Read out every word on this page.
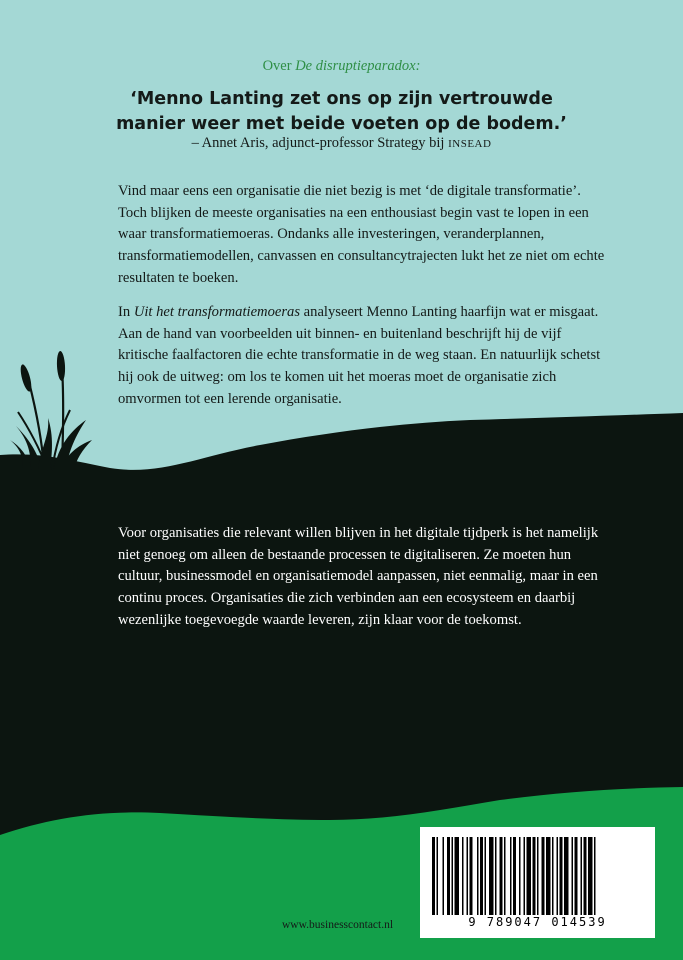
Over De disruptieparadox:
‘Menno Lanting zet ons op zijn vertrouwde
manier weer met beide voeten op de bodem.’
– Annet Aris, adjunct-professor Strategy bij INSEAD

Vind maar eens een organisatie die niet bezig is met ‘de digitale transformatie’. Toch blijken de meeste organisaties na een enthousiast begin vast te lopen in een waar transformatiemoeras. Ondanks alle investeringen, veranderplannen, transformatiemodellen, canvassen en consultancytrajecten lukt het ze niet om echte resultaten te boeken.

In Uit het transformatiemoeras analyseert Menno Lanting haarfijn wat er misgaat. Aan de hand van voorbeelden uit binnen- en buitenland beschrijft hij de vijf kritische faalfactoren die echte transformatie in de weg staan. En natuurlijk schetst hij ook de uitweg: om los te komen uit het moeras moet de organisatie zich omvormen tot een lerende organisatie.

Voor organisaties die relevant willen blijven in het digitale tijdperk is het namelijk niet genoeg om alleen de bestaande processen te digitaliseren. Ze moeten hun cultuur, businessmodel en organisatiemodel aanpassen, niet eenmalig, maar in een continu proces. Organisaties die zich verbinden aan een ecosysteem en daarbij wezenlijke toegevoegde waarde leveren, zijn klaar voor de toekomst.

9 789047 014539
www.businesscontact.nl
